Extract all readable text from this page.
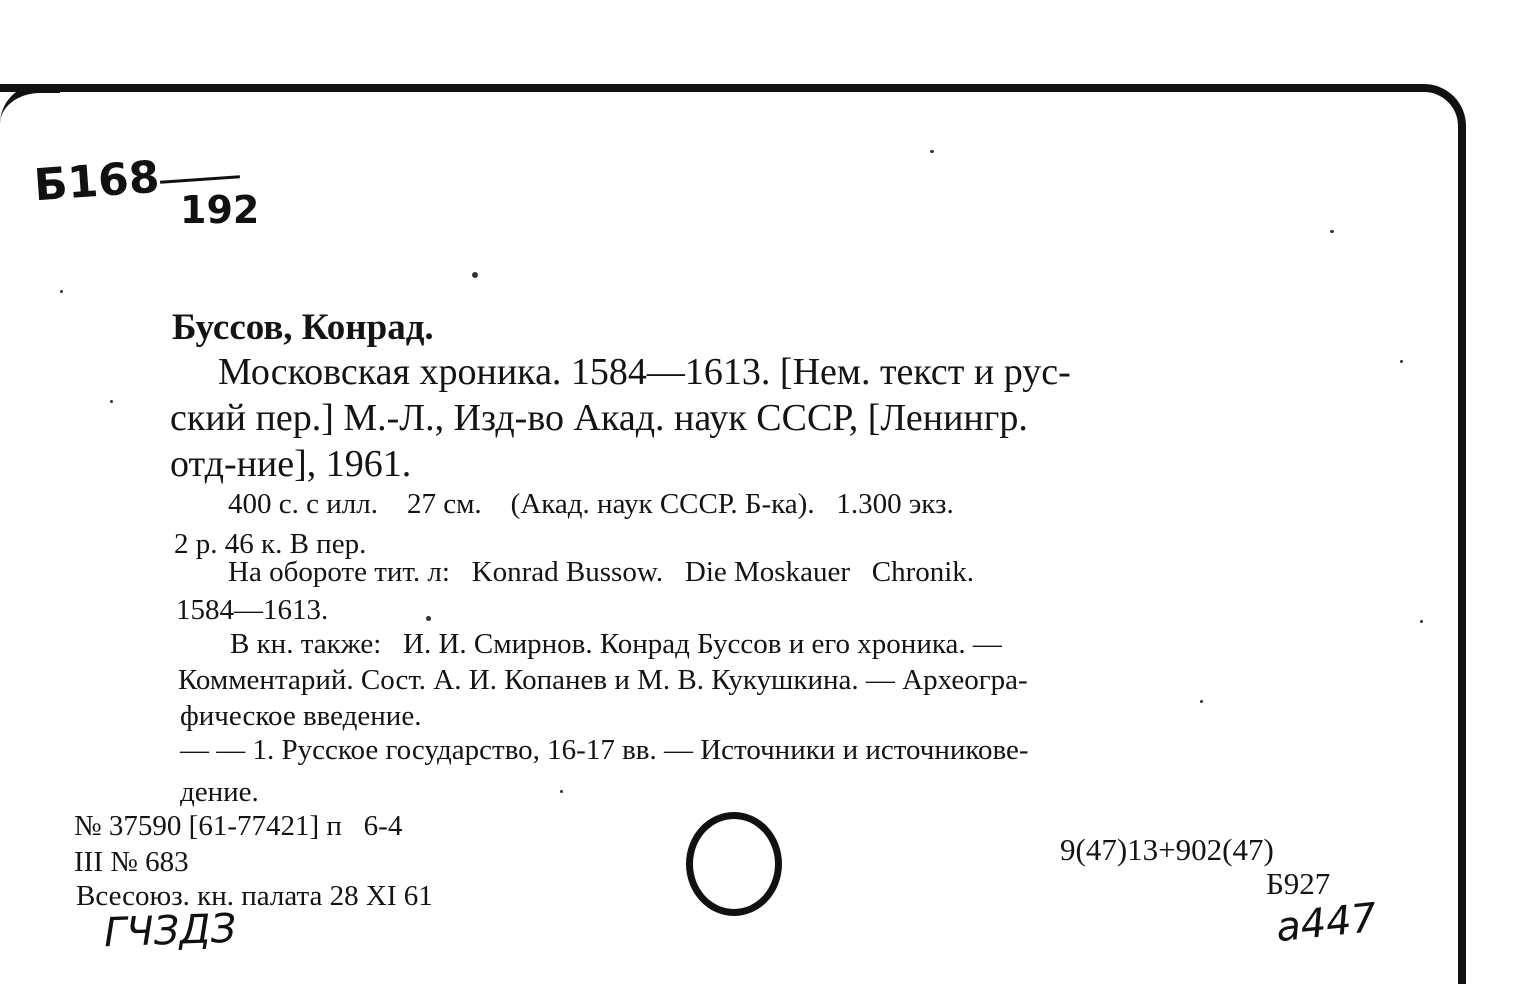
Б168 192
Буссов, Конрад.
Московская хроника. 1584—1613. [Нем. текст и рус-
ский пер.] М.-Л., Изд-во Акад. наук СССР, [Ленингр.
отд-ние], 1961.
400 с. с илл.    27 см.    (Акад. наук СССР. Б-ка).   1.300 экз.
2 р. 46 к. В пер.
На обороте тит. л:   Konrad Bussow.   Die Moskauer   Chronik.
1584—1613.
В кн. также:   И. И. Смирнов. Конрад Буссов и его хроника. —
Комментарий. Сост. А. И. Копанев и М. В. Кукушкина. — Археогра-
фическое введение.
— — 1. Русское государство, 16-17 вв. — Источники и источникове-
дение.
№ 37590 [61-77421] п   6-4
III № 683
Всесоюз. кн. палата 28 XI 61
9(47)13+902(47)
Б927
ГЧЗДЗ	а447
